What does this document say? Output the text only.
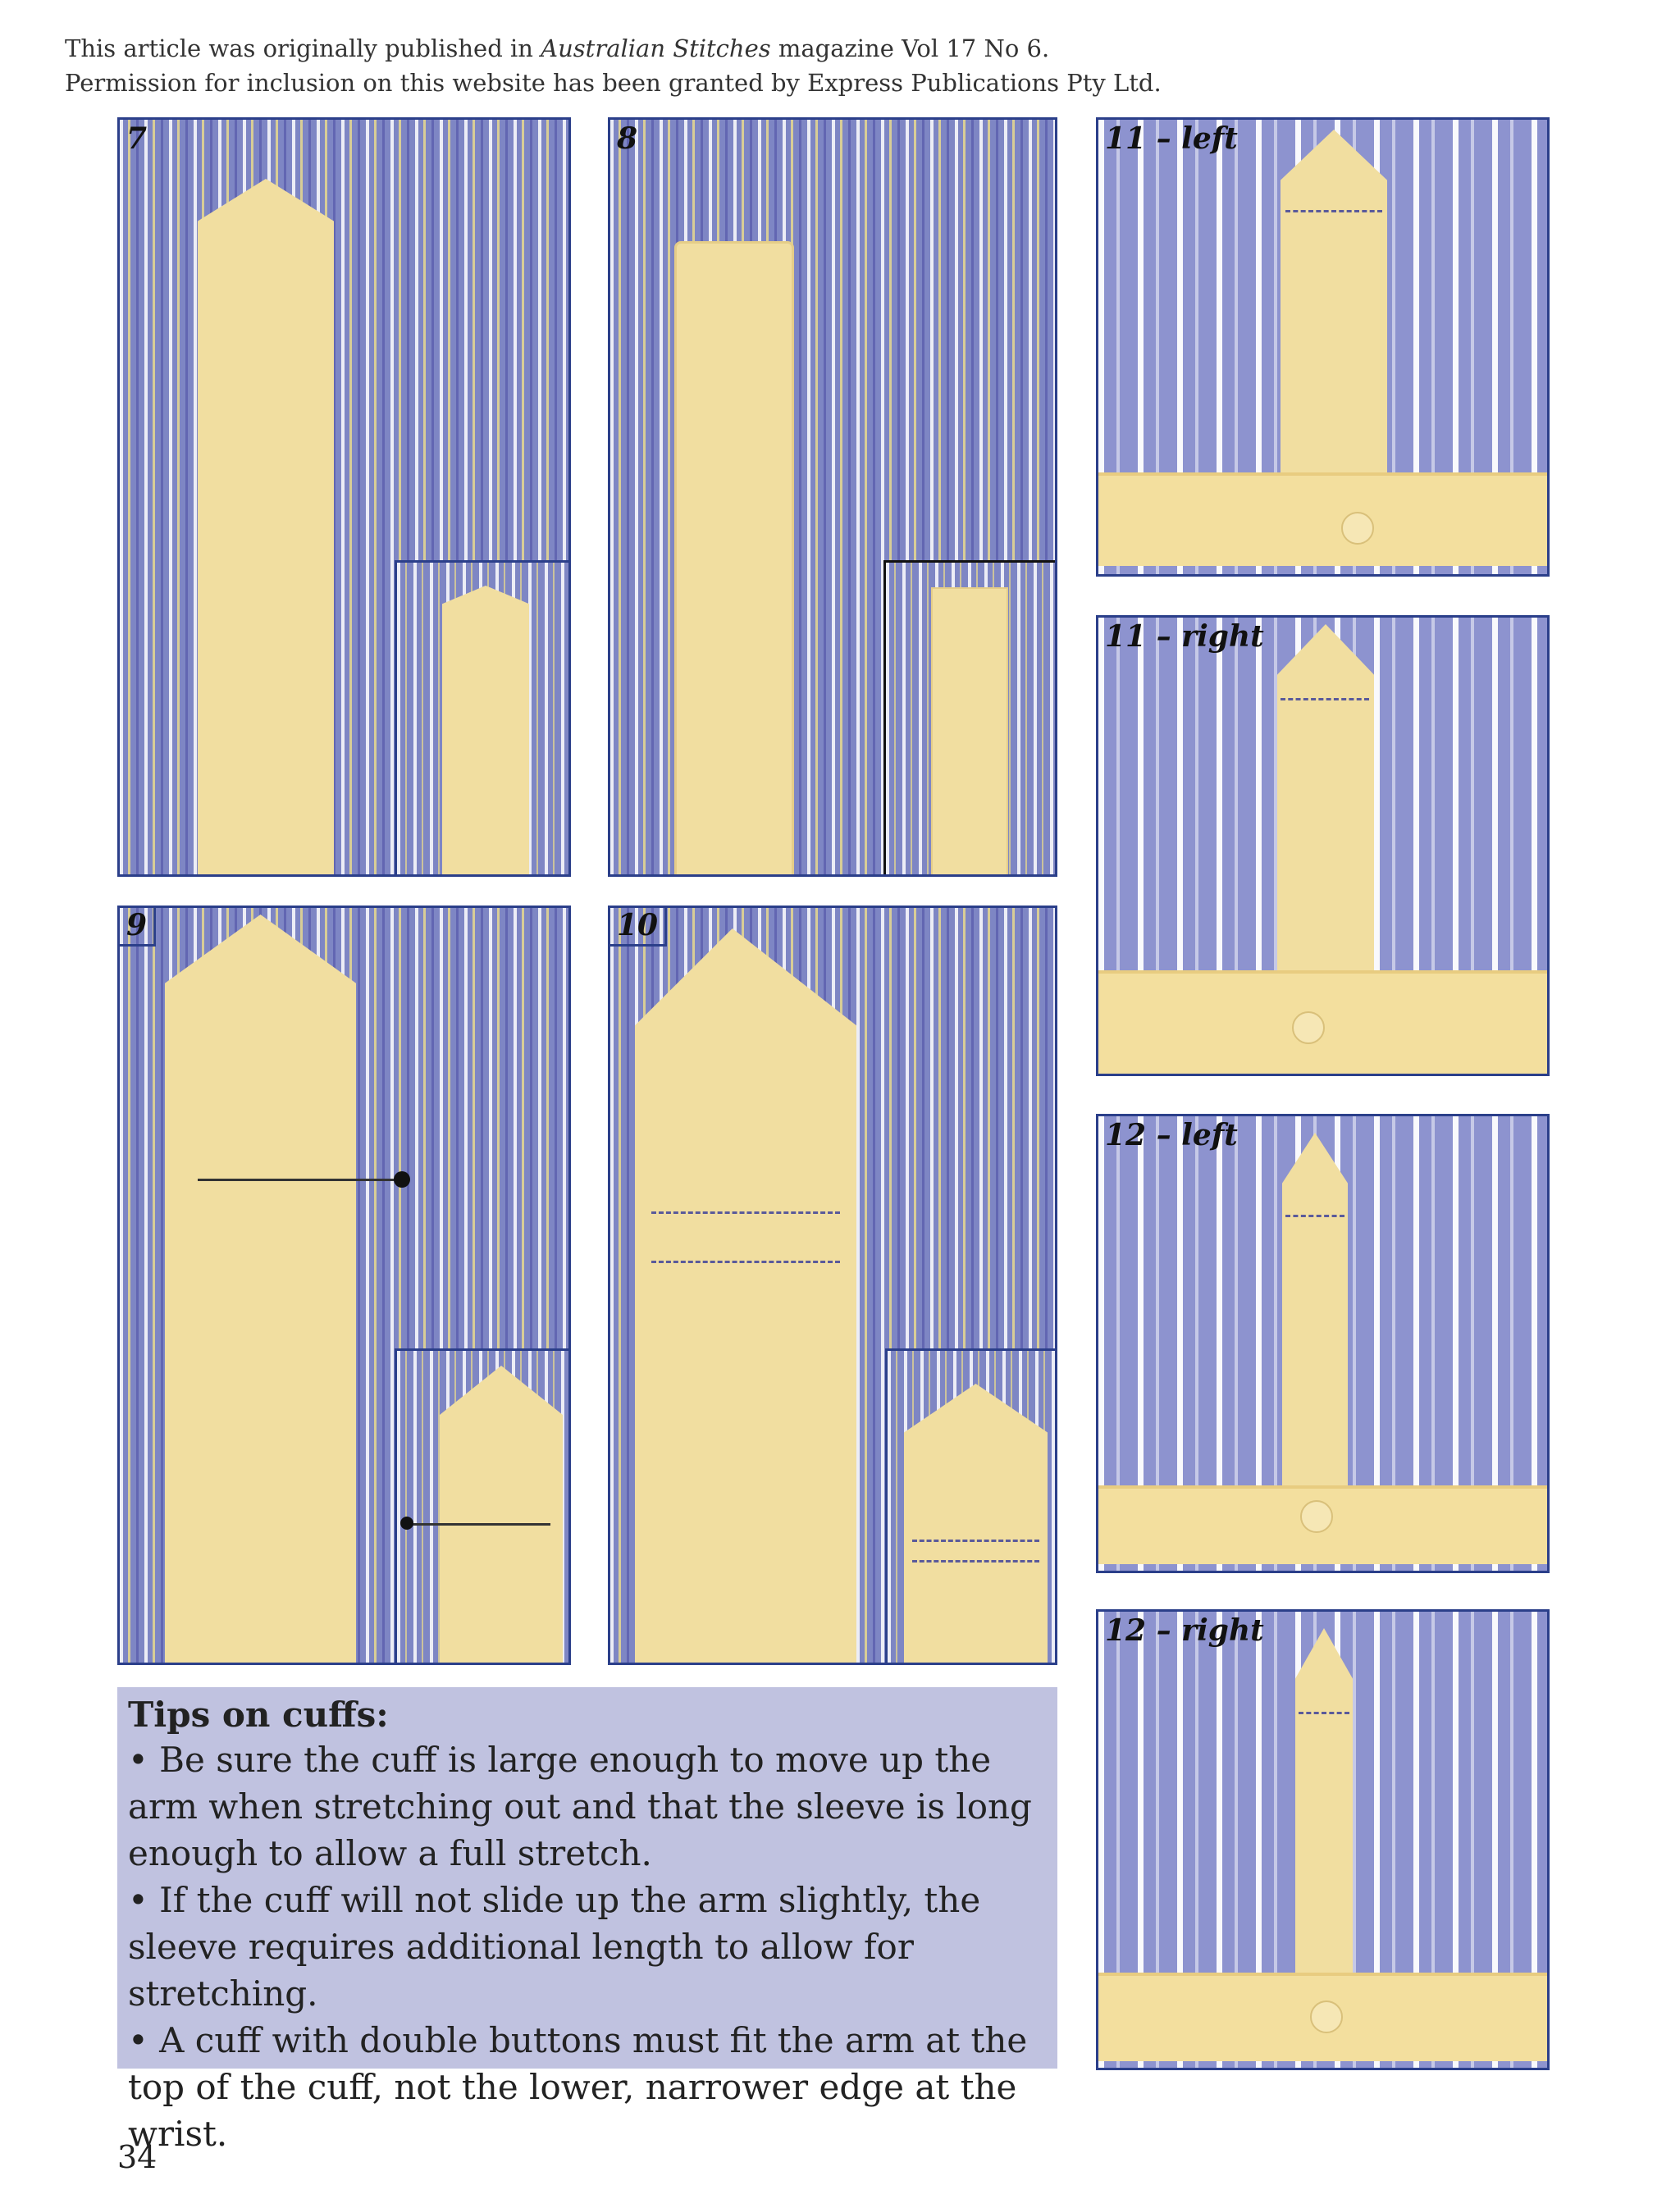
This article was originally published in Australian Stitches magazine Vol 17 No 6.
Permission for inclusion on this website has been granted by Express Publications Pty Ltd.
7	8
9	10
11 – left
11 – right
12 – left
12 – right
Tips on cuffs:

• Be sure the cuff is large enough to move up the arm when stretching out and that the sleeve is long enough to allow a full stretch.

• If the cuff will not slide up the arm slightly, the sleeve requires additional length to allow for stretching.

• A cuff with double buttons must fit the arm at the top of the cuff, not the lower, narrower edge at the wrist.

34
